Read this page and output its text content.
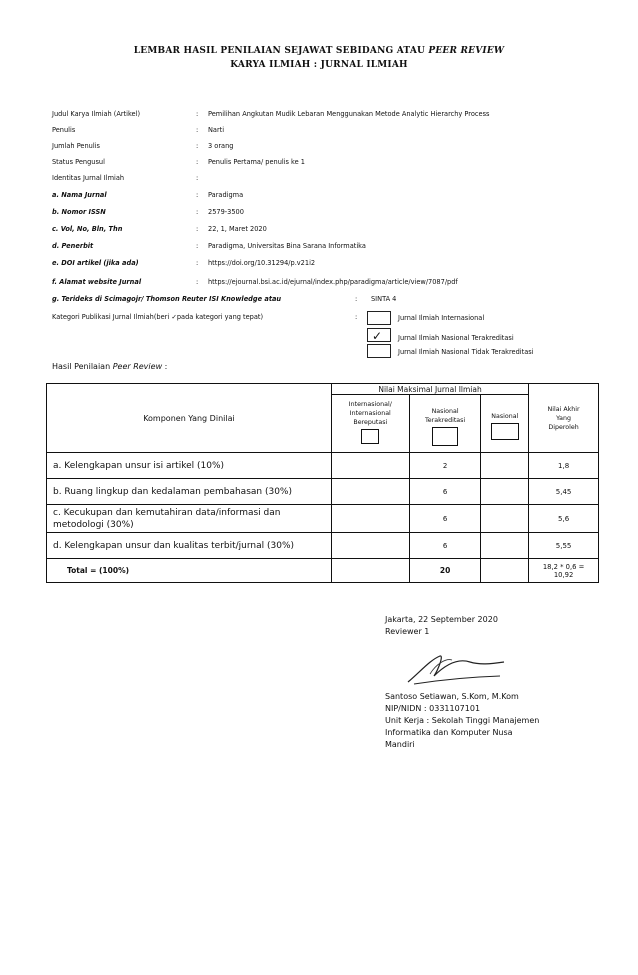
LEMBAR HASIL PENILAIAN SEJAWAT SEBIDANG ATAU PEER REVIEW
KARYA ILMIAH : JURNAL ILMIAH
Judul Karya Ilmiah (Artikel)	: Pemilihan Angkutan Mudik Lebaran Menggunakan Metode Analytic Hierarchy Process
Penulis	: Narti
Jumlah Penulis	: 3 orang
Status Pengusul	: Penulis Pertama/ penulis ke 1
Identitas Jurnal Ilmiah	:
a. Nama Jurnal	: Paradigma
b. Nomor ISSN	: 2579-3500
c. Vol, No, Bln, Thn	: 22, 1, Maret 2020
d. Penerbit	: Paradigma, Universitas Bina Sarana Informatika
e. DOI artikel (jika ada)	: https://doi.org/10.31294/p.v21i2
f. Alamat website Jurnal	: https://ejournal.bsi.ac.id/ejurnal/index.php/paradigma/article/view/7087/pdf
g. Terideks di Scimagojr/ Thomson Reuter ISI Knowledge atau	: SINTA 4
Kategori Publikasi Jurnal Ilmiah(beri ✓pada kategori yang tepat)	:
✓
Jurnal Ilmiah Internasional
Jurnal Ilmiah Nasional Terakreditasi
Jurnal Ilmiah Nasional Tidak Terakreditasi
Hasil Penilaian Peer Review :
Komponen Yang Dinilai	Nilai Maksimal Jurnal Ilmiah			Nilai Akhir Yang Diperoleh

	Internasional/ Internasional Bereputasi	Nasional Terakreditasi	Nasional	

a. Kelengkapan unsur isi artikel (10%)		2		1,8

b. Ruang lingkup dan kedalaman pembahasan (30%)		6		5,45

c. Kecukupan dan kemutahiran data/informasi dan metodologi (30%)		6		5,6

d. Kelengkapan unsur dan kualitas terbit/jurnal (30%)		6		5,55
Total = (100%)		20		18,2 * 0,6 = 10,92
Jakarta, 22 September 2020
Reviewer 1
Santoso Setiawan, S.Kom, M.Kom
NIP/NIDN : 0331107101
Unit Kerja : Sekolah Tinggi Manajemen
Informatika dan Komputer Nusa
Mandiri
